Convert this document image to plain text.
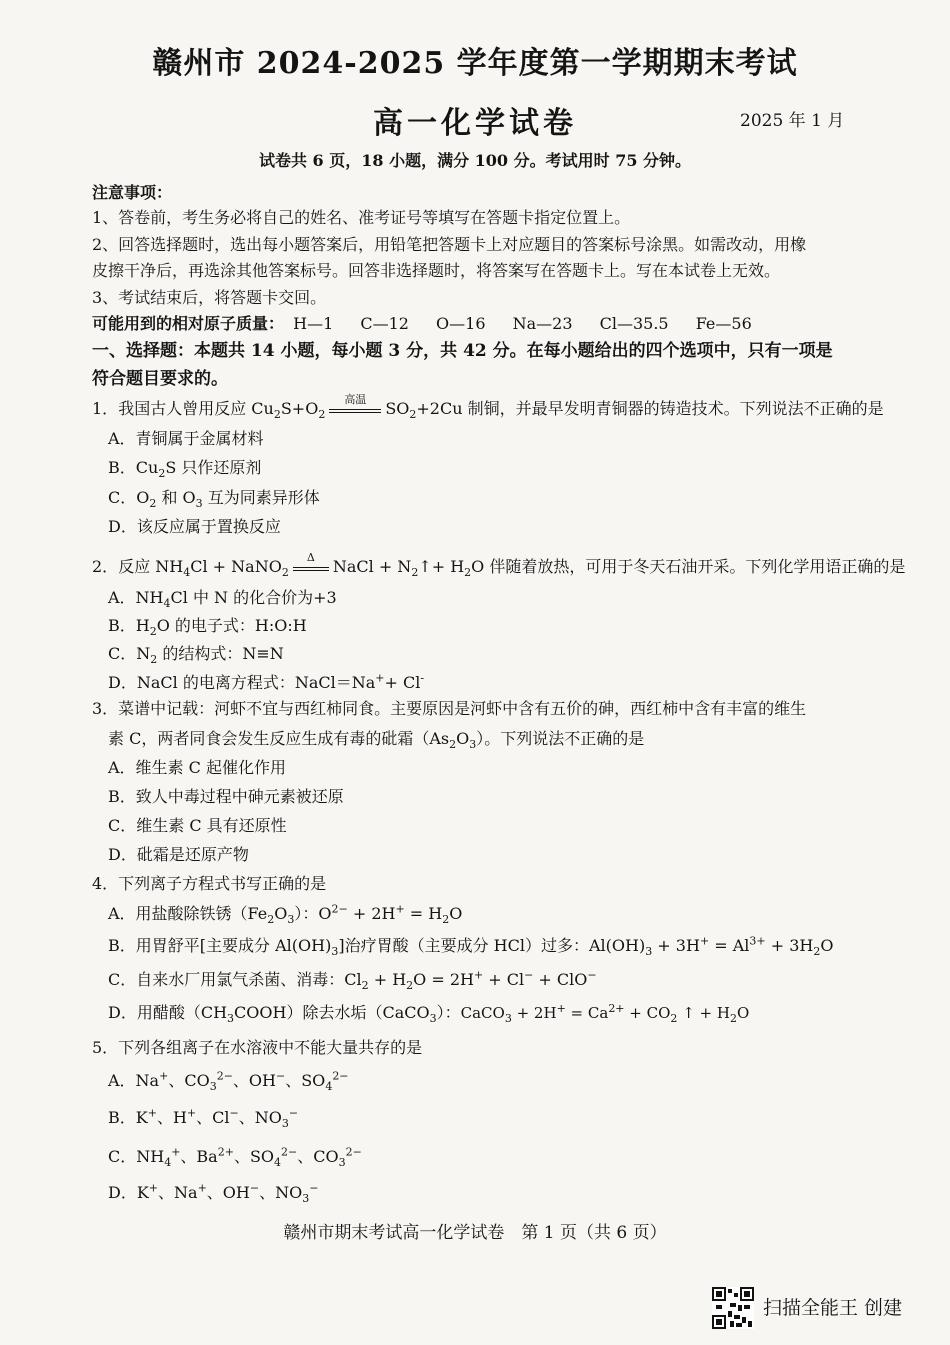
赣州市 2024-2025 学年度第一学期期末考试
高一化学试卷	2025 年 1 月
试卷共 6 页，18 小题，满分 100 分。考试用时 75 分钟。
注意事项：
1、答卷前，考生务必将自己的姓名、准考证号等填写在答题卡指定位置上。
2、回答选择题时，选出每小题答案后，用铅笔把答题卡上对应题目的答案标号涂黑。如需改动，用橡
皮擦干净后，再选涂其他答案标号。回答非选择题时，将答案写在答题卡上。写在本试卷上无效。
3、考试结束后，将答题卡交回。
可能用到的相对原子质量： H—1 C—12 O—16 Na—23 Cl—35.5 Fe—56
一、选择题：本题共 14 小题，每小题 3 分，共 42 分。在每小题给出的四个选项中，只有一项是
符合题目要求的。
1．我国古人曾用反应 $Cu_2S+O_2$
高温	$SO_2+2Cu$ 制铜，并最早发明青铜器的铸造技术。下列说法不正确的是
A．青铜属于金属材料
B．$Cu_2S$ 只作还原剂
C．$O_2$ 和 $O_3$ 互为同素异形体
D．该反应属于置换反应
2．反应 $NH_4Cl$ + NaNO$_2$
Δ	NaCl + $N_2↑+ H_2O$ 伴随着放热，可用于冬天石油开采。下列化学用语正确的是
A．$NH_4Cl$ 中 N 的化合价为+3
B．$H_2O$ 的电子式：H:O:H
C．$N_2$ 的结构式：N≡N
D．NaCl 的电离方程式：NaCl＝Na++ Cl-
3．菜谱中记载：河虾不宜与西红柿同食。主要原因是河虾中含有五价的砷，西红柿中含有丰富的维生
素 C，两者同食会发生反应生成有毒的砒霜$(As_2O_3)$。下列说法不正确的是
A．维生素 C 起催化作用
B．致人中毒过程中砷元素被还原
C．维生素 C 具有还原性
D．砒霜是还原产物
4．下列离子方程式书写正确的是
A．用盐酸除铁锈$(Fe_2O_3)$：$O^{2-} + 2H^+ = H_2O$
B．用胃舒平[主要成分 $Al(OH)_3$]治疗胃酸（主要成分 HCl）过多：$Al(OH)_3 + 3H^+ = Al^{3+} + 3H_2O$
C．自来水厂用氯气杀菌、消毒：$Cl_2 + H_2O = 2H^+ + Cl^- + ClO^-$
D．用醋酸$(CH_3COOH)$除去水垢（CaCO$_3$）：CaCO$_3$ + $2H^+ = Ca^{2+} + CO_2$ ↑ + $H_2O$
5．下列各组离子在水溶液中不能大量共存的是
A．Na+、$CO_3^{2-}$、OH−、$SO_4^{2-}$
B．K+、H+、Cl−、$NO_3^-$
C．$NH_4^+$、$Ba^{2+}$、$SO_4^{2-}$、$CO_3^{2-}$
D．K+、Na+、OH−、$NO_3^-$
赣州市期末考试高一化学试卷　第 1 页（共 6 页）
扫描全能王 创建
